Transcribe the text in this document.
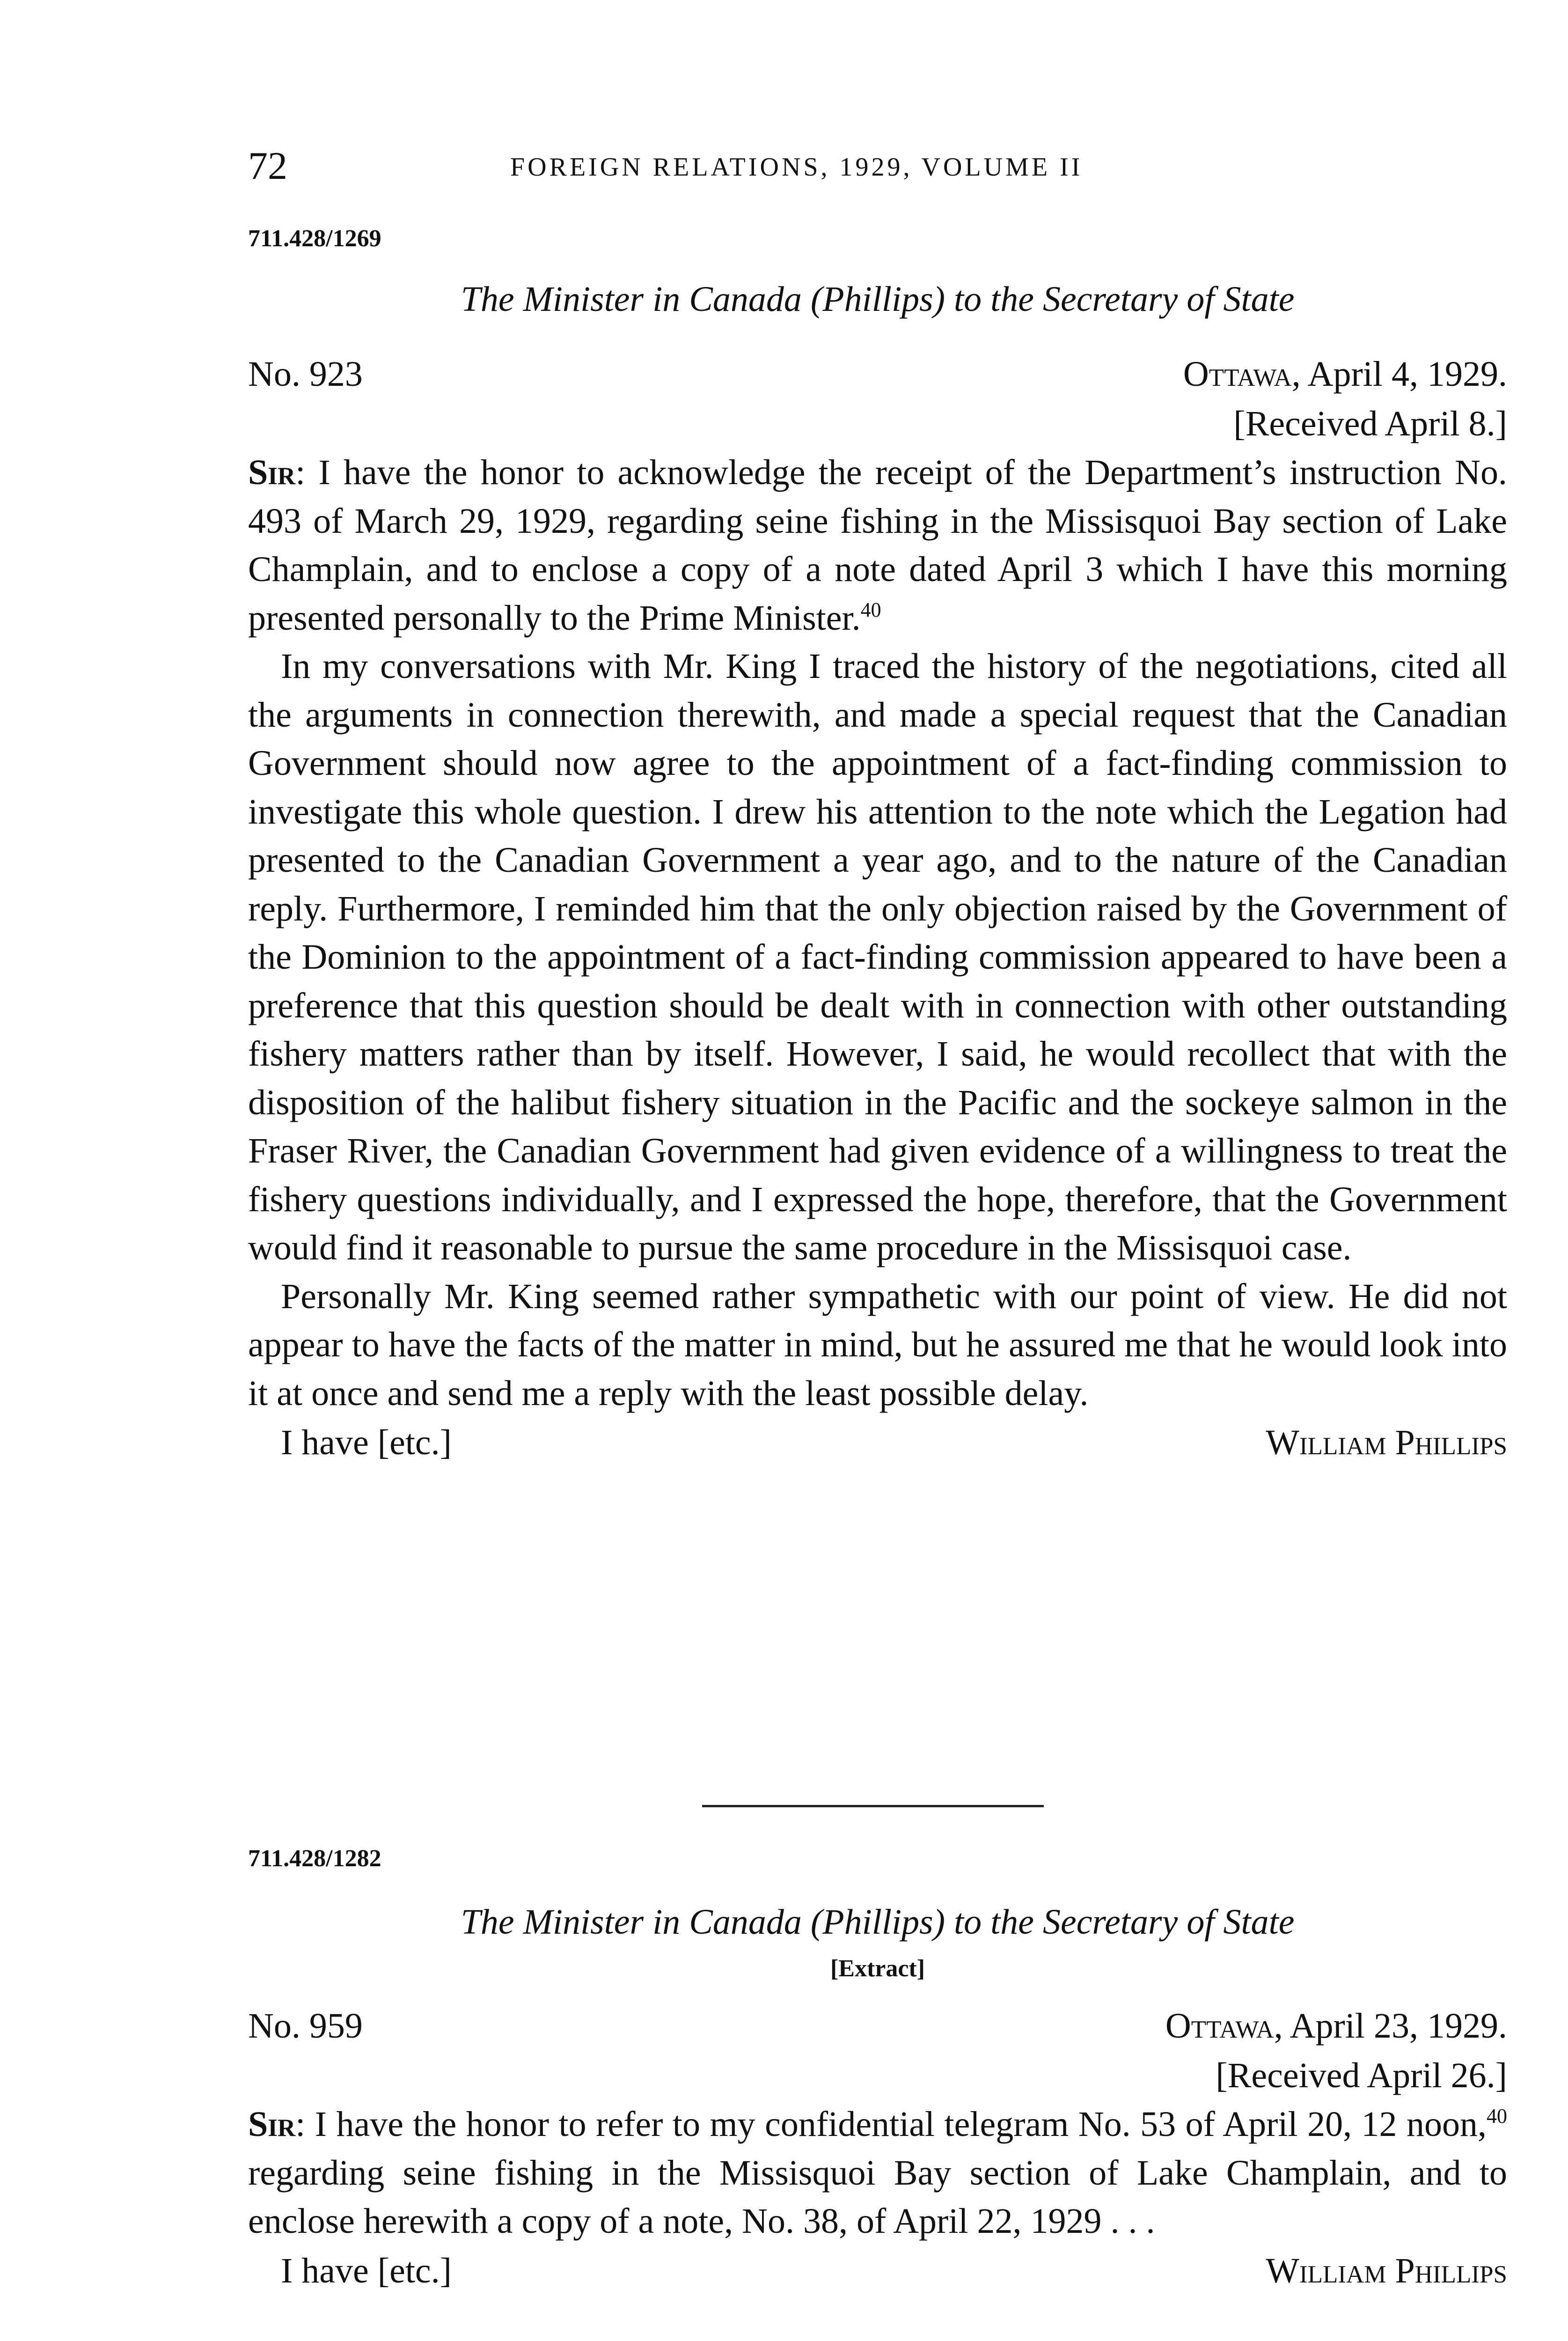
72	FOREIGN RELATIONS, 1929, VOLUME II
711.428/1269
The Minister in Canada (Phillips) to the Secretary of State
No. 923	Ottawa, April 4, 1929.
[Received April 8.]

Sir: I have the honor to acknowledge the receipt of the Department’s instruction No. 493 of March 29, 1929, regarding seine fishing in the Missisquoi Bay section of Lake Champlain, and to enclose a copy of a note dated April 3 which I have this morning presented personally to the Prime Minister.$^{40}$

In my conversations with Mr. King I traced the history of the negotiations, cited all the arguments in connection therewith, and made a special request that the Canadian Government should now agree to the appointment of a fact-finding commission to investigate this whole question. I drew his attention to the note which the Legation had presented to the Canadian Government a year ago, and to the nature of the Canadian reply. Furthermore, I reminded him that the only objection raised by the Government of the Dominion to the appointment of a fact-finding commission appeared to have been a preference that this question should be dealt with in connection with other outstanding fishery matters rather than by itself. However, I said, he would recollect that with the disposition of the halibut fishery situation in the Pacific and the sockeye salmon in the Fraser River, the Canadian Government had given evidence of a willingness to treat the fishery questions individually, and I expressed the hope, therefore, that the Government would find it reasonable to pursue the same procedure in the Missisquoi case.

Personally Mr. King seemed rather sympathetic with our point of view. He did not appear to have the facts of the matter in mind, but he assured me that he would look into it at once and send me a reply with the least possible delay.

I have [etc.]	William Phillips
711.428/1282
The Minister in Canada (Phillips) to the Secretary of State
[Extract]
No. 959	Ottawa, April 23, 1929.
[Received April 26.]

Sir: I have the honor to refer to my confidential telegram No. 53 of April 20, 12 noon,$^{40}$ regarding seine fishing in the Missisquoi Bay section of Lake Champlain, and to enclose herewith a copy of a note, No. 38, of April 22, 1929 . . .

I have [etc.]	William Phillips
